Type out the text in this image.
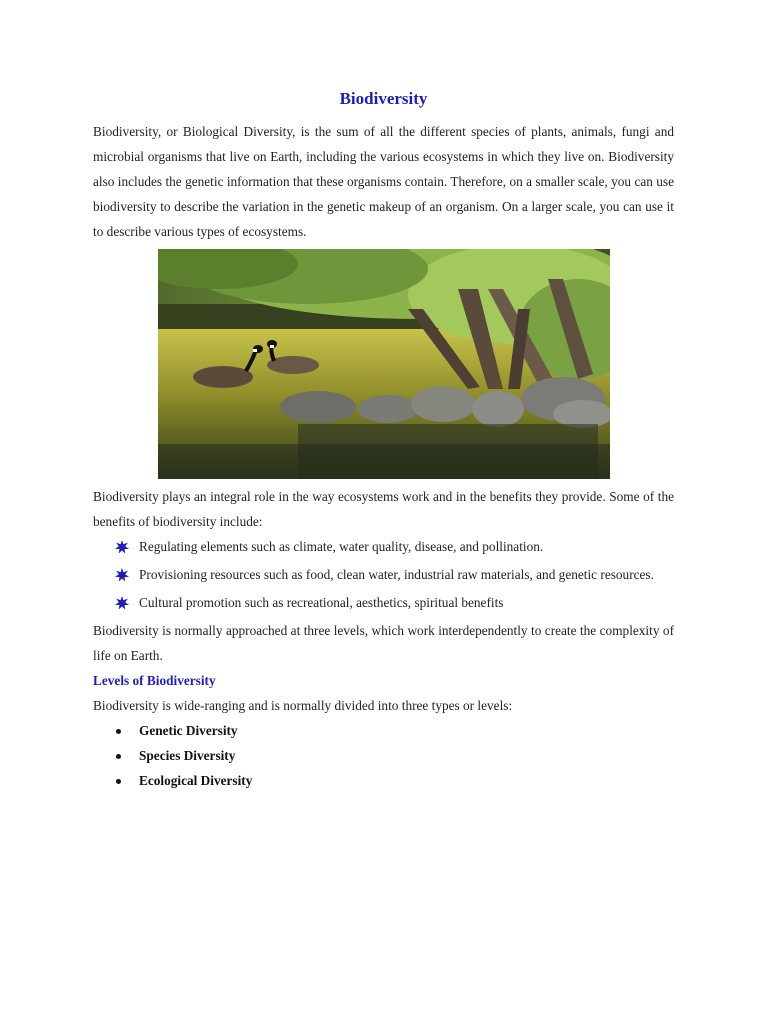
Biodiversity

Biodiversity, or Biological Diversity, is the sum of all the different species of plants, animals, fungi and microbial organisms that live on Earth, including the various ecosystems in which they live on. Biodiversity also includes the genetic information that these organisms contain. Therefore, on a smaller scale, you can use biodiversity to describe the variation in the genetic makeup of an organism. On a larger scale, you can use it to describe various types of ecosystems.

Biodiversity plays an integral role in the way ecosystems work and in the benefits they provide. Some of the benefits of biodiversity include:

Regulating elements such as climate, water quality, disease, and pollination.
Provisioning resources such as food, clean water, industrial raw materials, and genetic resources.
Cultural promotion such as recreational, aesthetics, spiritual benefits

Biodiversity is normally approached at three levels, which work interdependently to create the complexity of life on Earth.

Levels of Biodiversity

Biodiversity is wide-ranging and is normally divided into three types or levels:

Genetic Diversity
Species Diversity
Ecological Diversity
